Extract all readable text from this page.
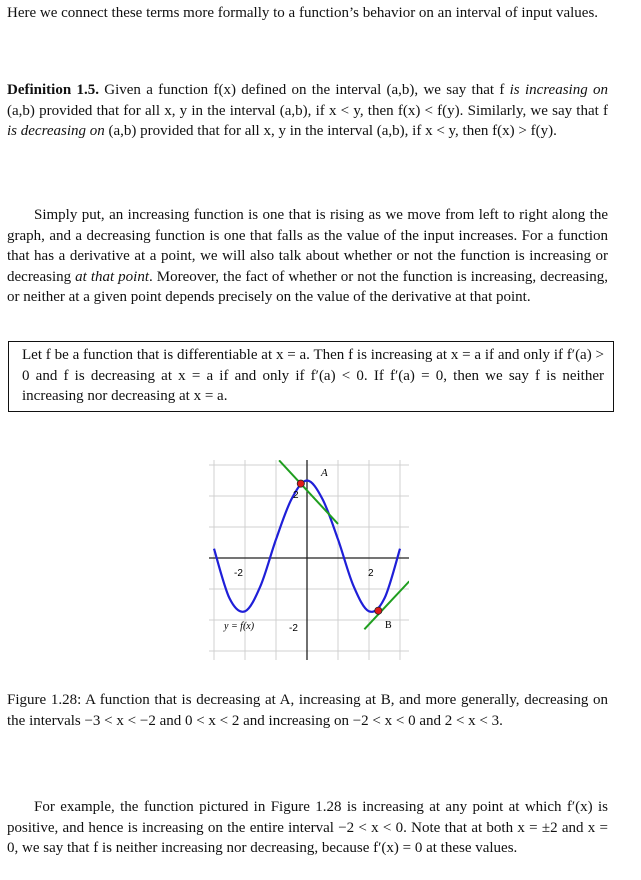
Here we connect these terms more formally to a function’s behavior on an interval of input values.

Definition 1.5. Given a function f(x) defined on the interval (a,b), we say that f is increasing on (a,b) provided that for all x, y in the interval (a,b), if x < y, then f(x) < f(y). Similarly, we say that f is decreasing on (a,b) provided that for all x, y in the interval (a,b), if x < y, then f(x) > f(y).

Simply put, an increasing function is one that is rising as we move from left to right along the graph, and a decreasing function is one that falls as the value of the input increases. For a function that has a derivative at a point, we will also talk about whether or not the function is increasing or decreasing at that point. Moreover, the fact of whether or not the function is increasing, decreasing, or neither at a given point depends precisely on the value of the derivative at that point.

Let f be a function that is differentiable at x = a. Then f is increasing at x = a if and only if f′(a) > 0 and f is decreasing at x = a if and only if f′(a) < 0. If f′(a) = 0, then we say f is neither increasing nor decreasing at x = a.
A
B
2
-2
-2	2
y = f(x)

Figure 1.28: A function that is decreasing at A, increasing at B, and more generally, decreasing on the intervals −3 < x < −2 and 0 < x < 2 and increasing on −2 < x < 0 and 2 < x < 3.

For example, the function pictured in Figure 1.28 is increasing at any point at which f′(x) is positive, and hence is increasing on the entire interval −2 < x < 0. Note that at both x = ±2 and x = 0, we say that f is neither increasing nor decreasing, because f′(x) = 0 at these values.
